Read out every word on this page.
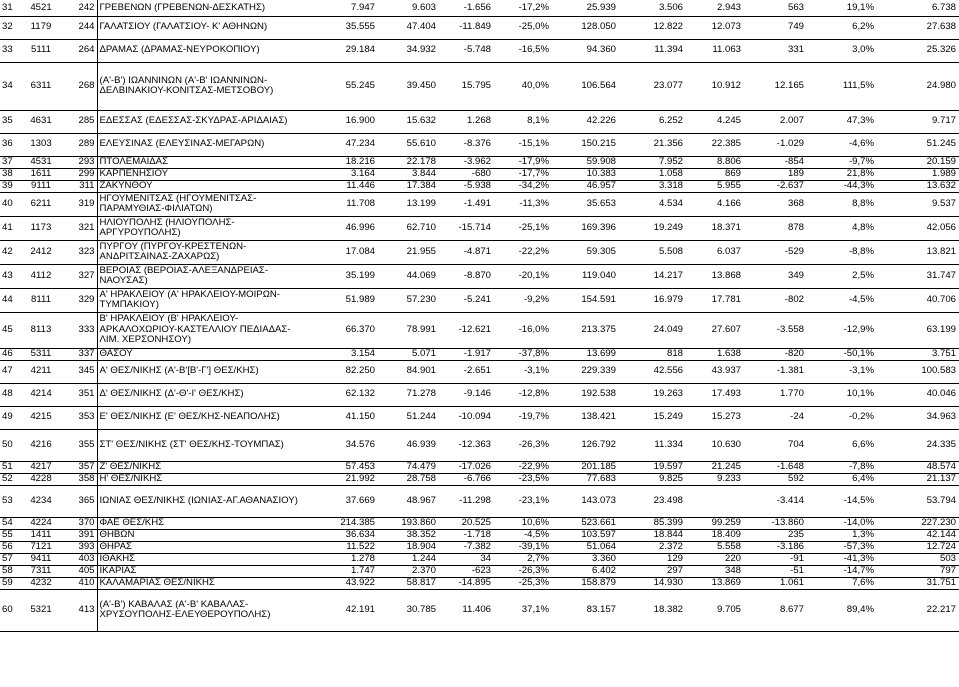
31	4521	242	ΓΡΕΒΕΝΩΝ (ΓΡΕΒΕΝΩΝ-ΔΕΣΚΑΤΗΣ)	7.947	9.603	-1.656	-17,2%	25.939	3.506	2.943	563	19,1%	6.738
32	1179	244	ΓΑΛΑΤΣΙΟΥ (ΓΑΛΑΤΣΙΟΥ- Κ' ΑΘΗΝΩΝ)	35.555	47.404	-11.849	-25,0%	128.050	12.822	12.073	749	6,2%	27.638
33	5111	264	ΔΡΑΜΑΣ (ΔΡΑΜΑΣ-ΝΕΥΡΟΚΟΠΙΟΥ)	29.184	34.932	-5.748	-16,5%	94.360	11.394	11.063	331	3,0%	25.326
34	6311	268	(Α'-Β') ΙΩΑΝΝΙΝΩΝ (Α'-Β' ΙΩΑΝΝΙΝΩΝ-ΔΕΛΒΙΝΑΚΙΟΥ-ΚΟΝΙΤΣΑΣ-ΜΕΤΣΟΒΟΥ)	55.245	39.450	15.795	40,0%	106.564	23.077	10.912	12.165	111,5%	24.980
35	4631	285	ΕΔΕΣΣΑΣ (ΕΔΕΣΣΑΣ-ΣΚΥΔΡΑΣ-ΑΡΙΔΑΙΑΣ)	16.900	15.632	1.268	8,1%	42.226	6.252	4.245	2.007	47,3%	9.717
36	1303	289	ΕΛΕΥΣΙΝΑΣ (ΕΛΕΥΣΙΝΑΣ-ΜΕΓΑΡΩΝ)	47.234	55.610	-8.376	-15,1%	150.215	21.356	22.385	-1.029	-4,6%	51.245
37	4531	293	ΠΤΟΛΕΜΑΙΔΑΣ	18.216	22.178	-3.962	-17,9%	59.908	7.952	8.806	-854	-9,7%	20.159
38	1611	299	ΚΑΡΠΕΝΗΣΙΟΥ	3.164	3.844	-680	-17,7%	10.383	1.058	869	189	21,8%	1.989
39	9111	311	ΖΑΚΥΝΘΟΥ	11.446	17.384	-5.938	-34,2%	46.957	3.318	5.955	-2.637	-44,3%	13.632
40	6211	319	ΗΓΟΥΜΕΝΙΤΣΑΣ (ΗΓΟΥΜΕΝΙΤΣΑΣ-ΠΑΡΑΜΥΘΙΑΣ-ΦΙΛΙΑΤΩΝ)	11.708	13.199	-1.491	-11,3%	35.653	4.534	4.166	368	8,8%	9.537
41	1173	321	ΗΛΙΟΥΠΟΛΗΣ (ΗΛΙΟΥΠΟΛΗΣ-ΑΡΓΥΡΟΥΠΟΛΗΣ)	46.996	62.710	-15.714	-25,1%	169.396	19.249	18.371	878	4,8%	42.056
42	2412	323	ΠΥΡΓΟΥ (ΠΥΡΓΟΥ-ΚΡΕΣΤΕΝΩΝ-ΑΝΔΡΙΤΣΑΙΝΑΣ-ΖΑΧΑΡΩΣ)	17.084	21.955	-4.871	-22,2%	59.305	5.508	6.037	-529	-8,8%	13.821
43	4112	327	ΒΕΡΟΙΑΣ (ΒΕΡΟΙΑΣ-ΑΛΕΞΑΝΔΡΕΙΑΣ-ΝΑΟΥΣΑΣ)	35.199	44.069	-8.870	-20,1%	119.040	14.217	13.868	349	2,5%	31.747
44	8111	329	Α' ΗΡΑΚΛΕΙΟΥ (Α' ΗΡΑΚΛΕΙΟΥ-ΜΟΙΡΩΝ-ΤΥΜΠΑΚΙΟΥ)	51.989	57.230	-5.241	-9,2%	154.591	16.979	17.781	-802	-4,5%	40.706
45	8113	333	Β' ΗΡΑΚΛΕΙΟΥ (Β' ΗΡΑΚΛΕΙΟΥ-ΑΡΚΑΛΟΧΩΡΙΟΥ-ΚΑΣΤΕΛΛΙΟΥ ΠΕΔΙΑΔΑΣ-ΛΙΜ. ΧΕΡΣΟΝΗΣΟΥ)	66.370	78.991	-12.621	-16,0%	213.375	24.049	27.607	-3.558	-12,9%	63.199
46	5311	337	ΘΑΣΟΥ	3.154	5.071	-1.917	-37,8%	13.699	818	1.638	-820	-50,1%	3.751
47	4211	345	Α' ΘΕΣ/ΝΙΚΗΣ (Α'-Β'[Β'-Γ'] ΘΕΣ/ΚΗΣ)	82.250	84.901	-2.651	-3,1%	229.339	42.556	43.937	-1.381	-3,1%	100.583
48	4214	351	Δ' ΘΕΣ/ΝΙΚΗΣ (Δ'-Θ'-Ι' ΘΕΣ/ΚΗΣ)	62.132	71.278	-9.146	-12,8%	192.538	19.263	17.493	1.770	10,1%	40.046
49	4215	353	Ε' ΘΕΣ/ΝΙΚΗΣ (Ε' ΘΕΣ/ΚΗΣ-ΝΕΑΠΟΛΗΣ)	41.150	51.244	-10.094	-19,7%	138.421	15.249	15.273	-24	-0,2%	34.963
50	4216	355	ΣΤ' ΘΕΣ/ΝΙΚΗΣ (ΣΤ' ΘΕΣ/ΚΗΣ-ΤΟΥΜΠΑΣ)	34.576	46.939	-12.363	-26,3%	126.792	11.334	10.630	704	6,6%	24.335
51	4217	357	Ζ' ΘΕΣ/ΝΙΚΗΣ	57.453	74.479	-17.026	-22,9%	201.185	19.597	21.245	-1.648	-7,8%	48.574
52	4228	358	Η' ΘΕΣ/ΝΙΚΗΣ	21.992	28.758	-6.766	-23,5%	77.683	9.825	9.233	592	6,4%	21.137
53	4234	365	ΙΩΝΙΑΣ ΘΕΣ/ΝΙΚΗΣ (ΙΩΝΙΑΣ-ΑΓ.ΑΘΑΝΑΣΙΟΥ)	37.669	48.967	-11.298	-23,1%	143.073	23.498		-3.414	-14,5%	53.794
54	4224	370	ΦΑΕ ΘΕΣ/ΚΗΣ	214.385	193.860	20.525	10,6%	523.661	85.399	99.259	-13.860	-14,0%	227.230
55	1411	391	ΘΗΒΩΝ	36.634	38.352	-1.718	-4,5%	103.597	18.844	18.409	235	1,3%	42.144
56	7121	393	ΘΗΡΑΣ	11.522	18.904	-7.382	-39,1%	51.064	2.372	5.558	-3.186	-57,3%	12.724
57	9411	403	ΙΘΑΚΗΣ	1.278	1.244	34	2,7%	3.360	129	220	-91	-41,3%	503
58	7311	405	ΙΚΑΡΙΑΣ	1.747	2.370	-623	-26,3%	6.402	297	348	-51	-14,7%	797
59	4232	410	ΚΑΛΑΜΑΡΙΑΣ ΘΕΣ/ΝΙΚΗΣ	43.922	58.817	-14.895	-25,3%	158.879	14.930	13.869	1.061	7,6%	31.751
60	5321	413	(Α'-Β') ΚΑΒΑΛΑΣ (Α'-Β' ΚΑΒΑΛΑΣ-ΧΡΥΣΟΥΠΟΛΗΣ-ΕΛΕΥΘΕΡΟΥΠΟΛΗΣ)	42.191	30.785	11.406	37,1%	83.157	18.382	9.705	8.677	89,4%	22.217
